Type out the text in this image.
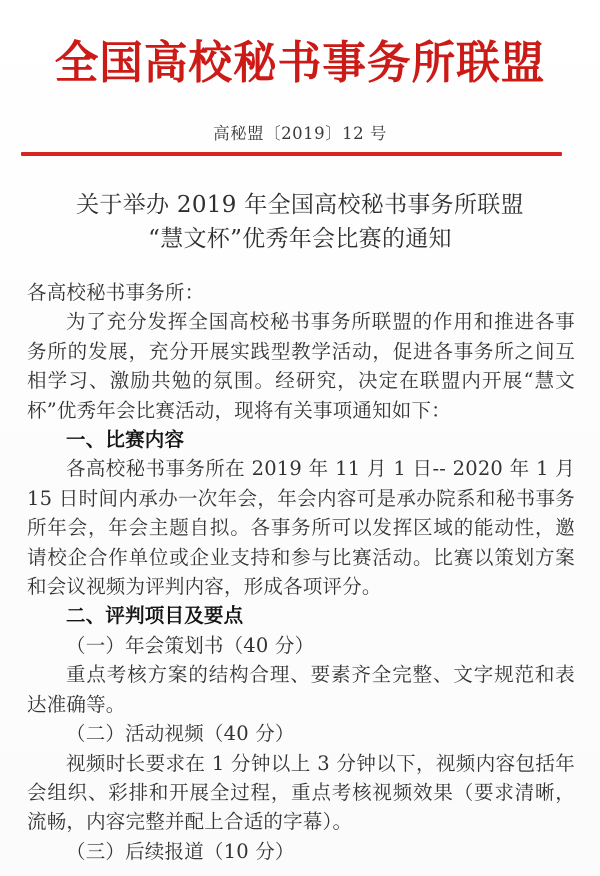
全国高校秘书事务所联盟
高秘盟〔2019〕12 号
关于举办 2019 年全国高校秘书事务所联盟
“慧文杯”优秀年会比赛的通知

各高校秘书事务所：

为了充分发挥全国高校秘书事务所联盟的作用和推进各事务所的发展，充分开展实践型教学活动，促进各事务所之间互相学习、激励共勉的氛围。经研究，决定在联盟内开展“慧文杯”优秀年会比赛活动，现将有关事项通知如下：

一、比赛内容

各高校秘书事务所在 2019 年 11 月 1 日-- 2020 年 1 月 15 日时间内承办一次年会，年会内容可是承办院系和秘书事务所年会，年会主题自拟。各事务所可以发挥区域的能动性，邀请校企合作单位或企业支持和参与比赛活动。比赛以策划方案和会议视频为评判内容，形成各项评分。

二、评判项目及要点

（一）年会策划书（40 分）

重点考核方案的结构合理、要素齐全完整、文字规范和表达准确等。

（二）活动视频（40 分）

视频时长要求在 1 分钟以上 3 分钟以下，视频内容包括年会组织、彩排和开展全过程，重点考核视频效果（要求清晰，流畅，内容完整并配上合适的字幕）。

（三）后续报道（10 分）
